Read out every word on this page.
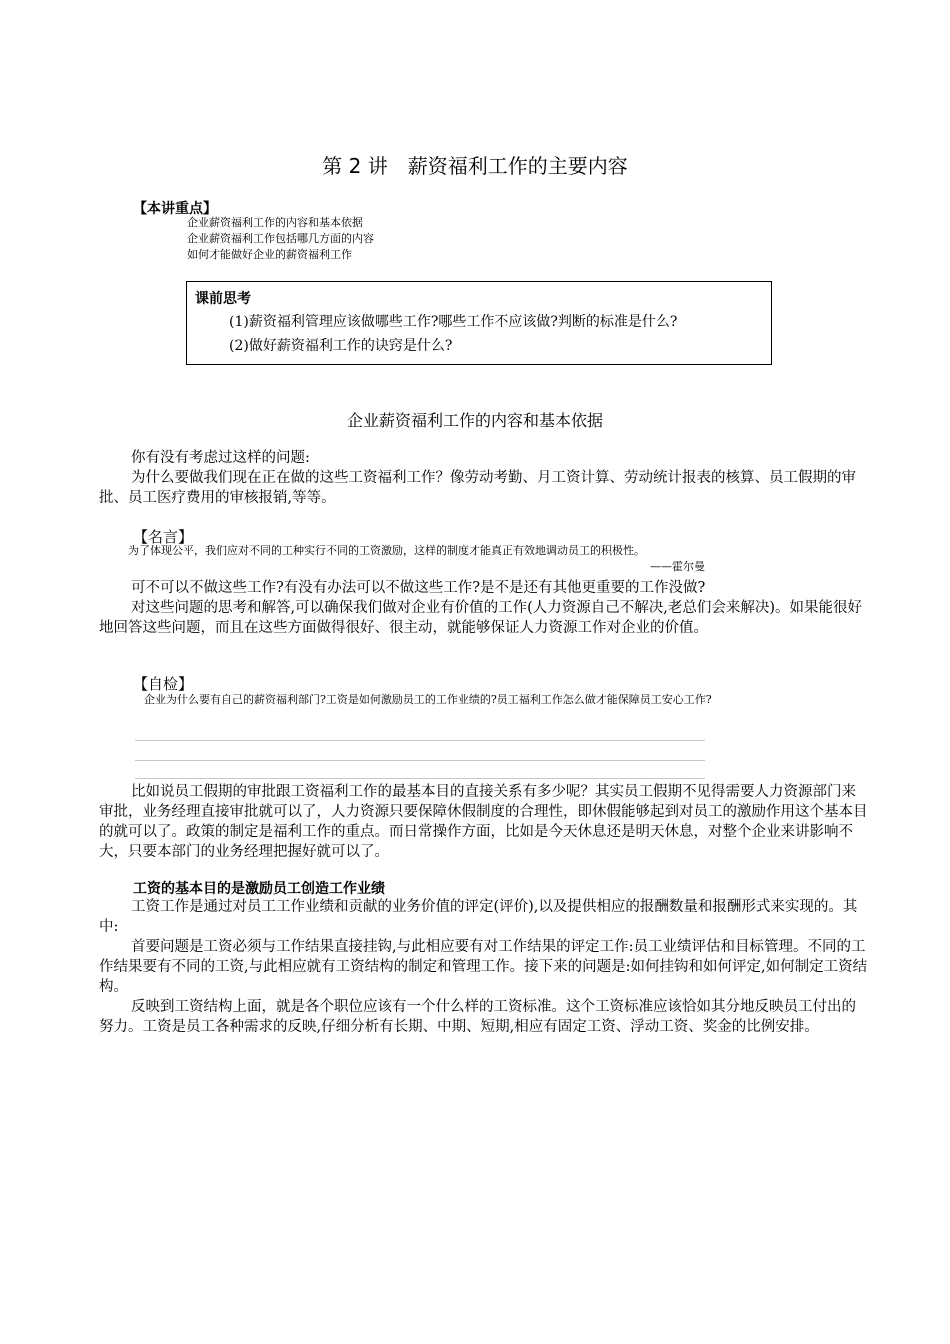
第 2 讲　薪资福利工作的主要内容
【本讲重点】
企业薪资福利工作的内容和基本依据
企业薪资福利工作包括哪几方面的内容
如何才能做好企业的薪资福利工作
课前思考
(1)薪资福利管理应该做哪些工作?哪些工作不应该做?判断的标准是什么?
(2)做好薪资福利工作的诀窍是什么?
企业薪资福利工作的内容和基本依据
你有没有考虑过这样的问题:
为什么要做我们现在正在做的这些工资福利工作？像劳动考勤、月工资计算、劳动统计报表的核算、员工假期的审批、员工医疗费用的审核报销,等等。
【名言】
为了体现公平，我们应对不同的工种实行不同的工资激励，这样的制度才能真正有效地调动员工的积极性。
——霍尔曼
可不可以不做这些工作?有没有办法可以不做这些工作?是不是还有其他更重要的工作没做?
对这些问题的思考和解答,可以确保我们做对企业有价值的工作(人力资源自己不解决,老总们会来解决)。如果能很好地回答这些问题，而且在这些方面做得很好、很主动，就能够保证人力资源工作对企业的价值。
【自检】
企业为什么要有自己的薪资福利部门?工资是如何激励员工的工作业绩的?员工福利工作怎么做才能保障员工安心工作?
比如说员工假期的审批跟工资福利工作的最基本目的直接关系有多少呢？其实员工假期不见得需要人力资源部门来审批，业务经理直接审批就可以了，人力资源只要保障休假制度的合理性，即休假能够起到对员工的激励作用这个基本目的就可以了。政策的制定是福利工作的重点。而日常操作方面，比如是今天休息还是明天休息，对整个企业来讲影响不大，只要本部门的业务经理把握好就可以了。
工资的基本目的是激励员工创造工作业绩
工资工作是通过对员工工作业绩和贡献的业务价值的评定(评价),以及提供相应的报酬数量和报酬形式来实现的。其中:
首要问题是工资必须与工作结果直接挂钩,与此相应要有对工作结果的评定工作:员工业绩评估和目标管理。不同的工作结果要有不同的工资,与此相应就有工资结构的制定和管理工作。接下来的问题是:如何挂钩和如何评定,如何制定工资结构。
反映到工资结构上面，就是各个职位应该有一个什么样的工资标准。这个工资标准应该恰如其分地反映员工付出的努力。工资是员工各种需求的反映,仔细分析有长期、中期、短期,相应有固定工资、浮动工资、奖金的比例安排。
